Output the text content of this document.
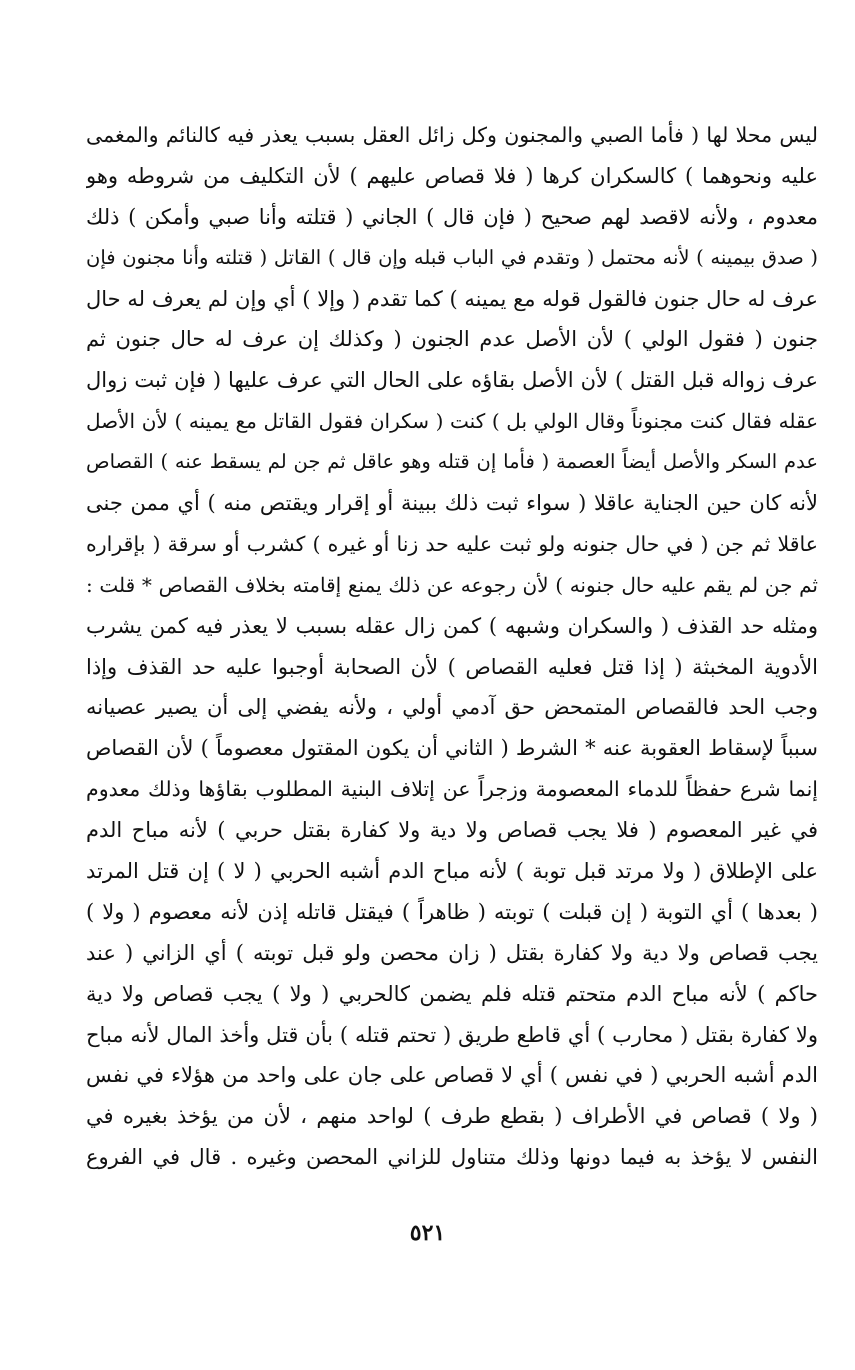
ليس محلا لها ( فأما الصبي والمجنون وكل زائل العقل بسبب يعذر فيه كالنائم والمغمى
عليه ونحوهما ) كالسكران كرها ( فلا قصاص عليهم ) لأن التكليف من شروطه وهو
معدوم ، ولأنه لاقصد لهم صحيح ( فإن قال ) الجاني ( قتلته وأنا صبي وأمكن ) ذلك
( صدق بيمينه ) لأنه محتمل ( وتقدم في الباب قبله وإن قال ) القاتل ( قتلته وأنا مجنون فإن
عرف له حال جنون فالقول قوله مع يمينه ) كما تقدم ( وإلا ) أي وإن لم يعرف له حال
جنون ( فقول الولي ) لأن الأصل عدم الجنون ( وكذلك إن عرف له حال جنون ثم
عرف زواله قبل القتل ) لأن الأصل بقاؤه على الحال التي عرف عليها ( فإن ثبت زوال
عقله فقال كنت مجنوناً وقال الولي بل ) كنت ( سكران فقول القاتل مع يمينه ) لأن الأصل
عدم السكر والأصل أيضاً العصمة ( فأما إن قتله وهو عاقل ثم جن لم يسقط عنه ) القصاص
لأنه كان حين الجناية عاقلا ( سواء ثبت ذلك ببينة أو إقرار ويقتص منه ) أي ممن جنى
عاقلا ثم جن ( في حال جنونه ولو ثبت عليه حد زنا أو غيره ) كشرب أو سرقة ( بإقراره
ثم جن لم يقم عليه حال جنونه ) لأن رجوعه عن ذلك يمنع إقامته بخلاف القصاص * قلت :
ومثله حد القذف ( والسكران وشبهه ) كمن زال عقله بسبب لا يعذر فيه كمن يشرب
الأدوية المخبثة ( إذا قتل فعليه القصاص ) لأن الصحابة أوجبوا عليه حد القذف وإذا
وجب الحد فالقصاص المتمحض حق آدمي أولي ، ولأنه يفضي إلى أن يصير عصيانه
سبباً لإسقاط العقوبة عنه * الشرط ( الثاني أن يكون المقتول معصوماً ) لأن القصاص
إنما شرع حفظاً للدماء المعصومة وزجراً عن إتلاف البنية المطلوب بقاؤها وذلك معدوم
في غير المعصوم ( فلا يجب قصاص ولا دية ولا كفارة بقتل حربي ) لأنه مباح الدم
على الإطلاق ( ولا مرتد قبل توبة ) لأنه مباح الدم أشبه الحربي ( لا ) إن قتل المرتد
( بعدها ) أي التوبة ( إن قبلت ) توبته ( ظاهراً ) فيقتل قاتله إذن لأنه معصوم ( ولا )
يجب قصاص ولا دية ولا كفارة بقتل ( زان محصن ولو قبل توبته ) أي الزاني ( عند
حاكم ) لأنه مباح الدم متحتم قتله فلم يضمن كالحربي ( ولا ) يجب قصاص ولا دية
ولا كفارة بقتل ( محارب ) أي قاطع طريق ( تحتم قتله ) بأن قتل وأخذ المال لأنه مباح
الدم أشبه الحربي ( في نفس ) أي لا قصاص على جان على واحد من هؤلاء في نفس
( ولا ) قصاص في الأطراف ( بقطع طرف ) لواحد منهم ، لأن من يؤخذ بغيره في
النفس لا يؤخذ به فيما دونها وذلك متناول للزاني المحصن وغيره . قال في الفروع
٥٢١
